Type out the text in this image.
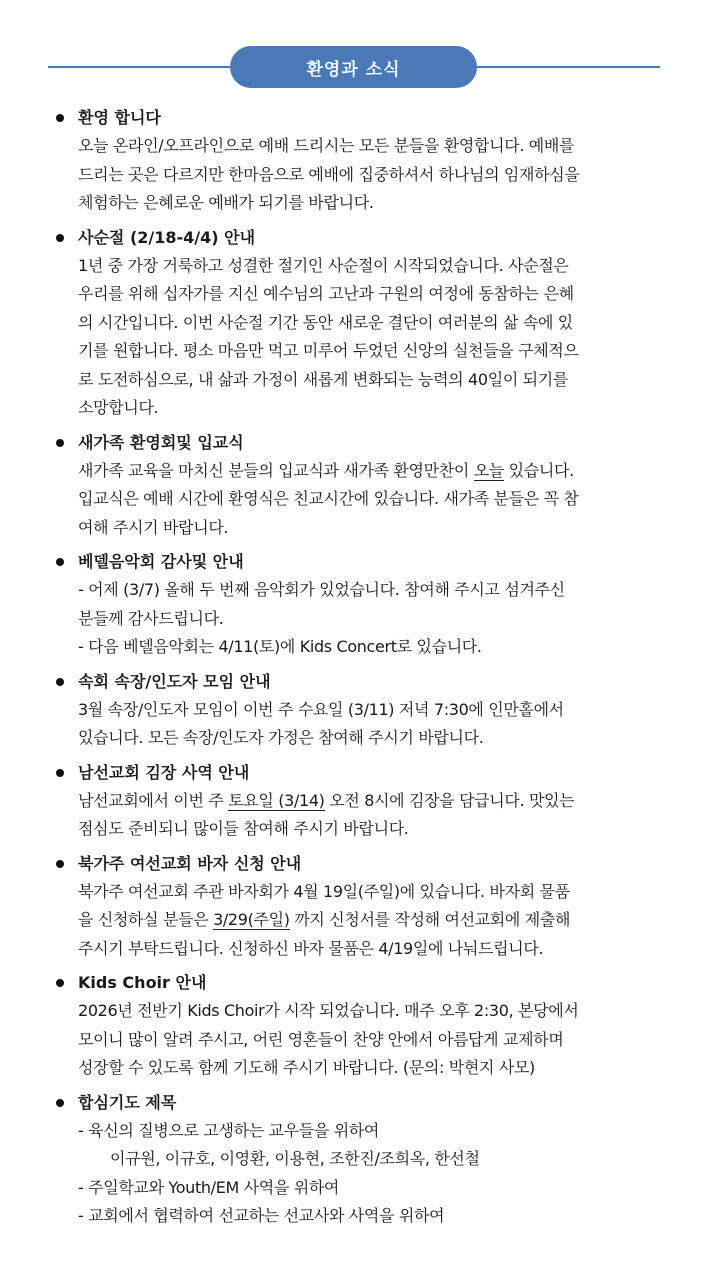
환영과 소식
환영 합니다
오늘 온라인/오프라인으로 예배 드리시는 모든 분들을 환영합니다. 예배를
드리는 곳은 다르지만 한마음으로 예배에 집중하셔서 하나님의 임재하심을
체험하는 은혜로운 예배가 되기를 바랍니다.
사순절 (2/18-4/4) 안내
1년 중 가장 거룩하고 성결한 절기인 사순절이 시작되었습니다. 사순절은
우리를 위해 십자가를 지신 예수님의 고난과 구원의 여정에 동참하는 은혜
의 시간입니다. 이번 사순절 기간 동안 새로운 결단이 여러분의 삶 속에 있
기를 원합니다. 평소 마음만 먹고 미루어 두었던 신앙의 실천들을 구체적으
로 도전하심으로, 내 삶과 가정이 새롭게 변화되는 능력의 40일이 되기를
소망합니다.
새가족 환영회및 입교식
새가족 교육을 마치신 분들의 입교식과 새가족 환영만찬이 오늘 있습니다.
입교식은 예배 시간에 환영식은 친교시간에 있습니다. 새가족 분들은 꼭 참
여해 주시기 바랍니다.
베델음악회 감사및 안내
- 어제 (3/7) 올해 두 번째 음악회가 있었습니다. 참여해 주시고 섬겨주신
분들께 감사드립니다.
- 다음 베델음악회는 4/11(토)에 Kids Concert로 있습니다.
속회 속장/인도자 모임 안내
3월 속장/인도자 모임이 이번 주 수요일 (3/11) 저녁 7:30에 인만홀에서
있습니다. 모든 속장/인도자 가정은 참여해 주시기 바랍니다.
남선교회 김장 사역 안내
남선교회에서 이번 주 토요일 (3/14) 오전 8시에 김장을 담급니다. 맛있는
점심도 준비되니 많이들 참여해 주시기 바랍니다.
북가주 여선교회 바자 신청 안내
북가주 여선교회 주관 바자회가 4월 19일(주일)에 있습니다. 바자회 물품
을 신청하실 분들은 3/29(주일) 까지 신청서를 작성해 여선교회에 제출해
주시기 부탁드립니다. 신청하신 바자 물품은 4/19일에 나눠드립니다.
Kids Choir 안내
2026년 전반기 Kids Choir가 시작 되었습니다. 매주 오후 2:30, 본당에서
모이니 많이 알려 주시고, 어린 영혼들이 찬양 안에서 아름답게 교제하며
성장할 수 있도록 함께 기도해 주시기 바랍니다. (문의: 박현지 사모)
합심기도 제목
- 육신의 질병으로 고생하는 교우들을 위하여
이규원, 이규호, 이영환, 이용현, 조한진/조희옥, 한선철
- 주일학교와 Youth/EM 사역을 위하여
- 교회에서 협력하여 선교하는 선교사와 사역을 위하여
